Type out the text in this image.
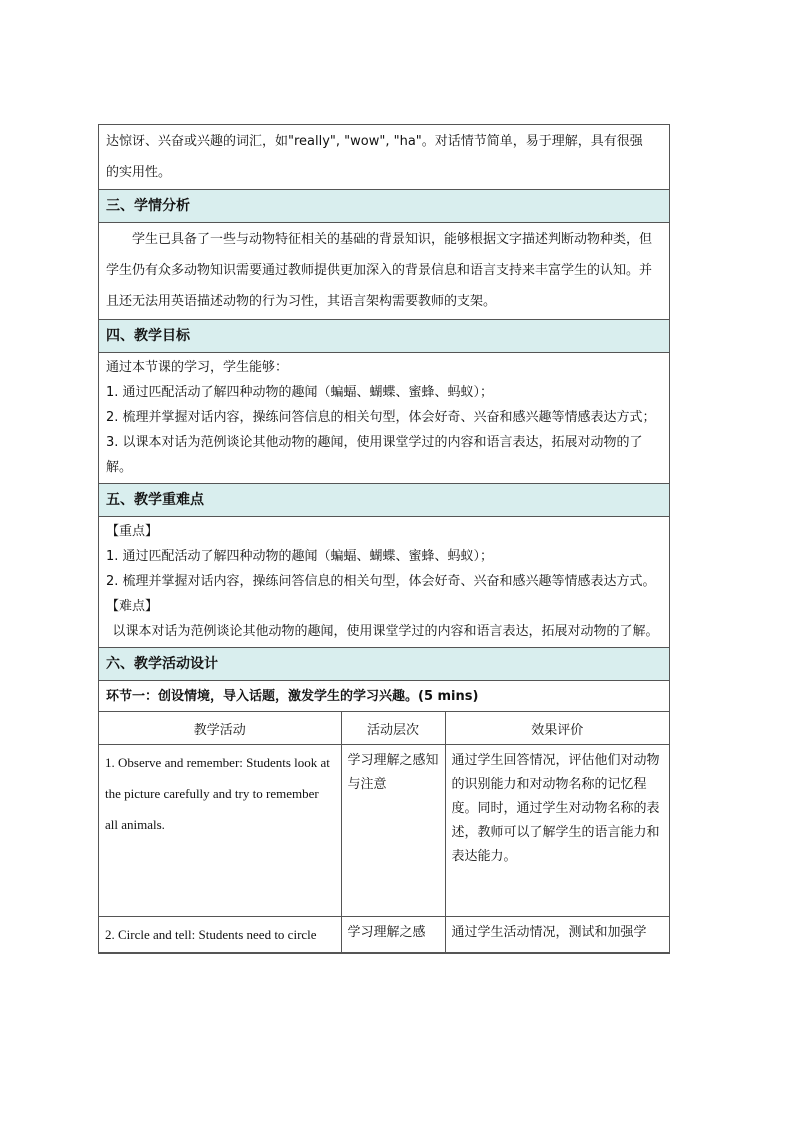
达惊讶、兴奋或兴趣的词汇，如"really", "wow", "ha"。对话情节简单，易于理解，具有很强

的实用性。

三、学情分析

学生已具备了一些与动物特征相关的基础的背景知识，能够根据文字描述判断动物种类，但学生仍有众多动物知识需要通过教师提供更加深入的背景信息和语言支持来丰富学生的认知。并且还无法用英语描述动物的行为习性，其语言架构需要教师的支架。

四、教学目标

通过本节课的学习，学生能够：

1. 通过匹配活动了解四种动物的趣闻（蝙蝠、蝴蝶、蜜蜂、蚂蚁）；

2. 梳理并掌握对话内容，操练问答信息的相关句型，体会好奇、兴奋和感兴趣等情感表达方式；

3. 以课本对话为范例谈论其他动物的趣闻，使用课堂学过的内容和语言表达，拓展对动物的了解。

五、教学重难点

【重点】

1. 通过匹配活动了解四种动物的趣闻（蝙蝠、蝴蝶、蜜蜂、蚂蚁）；

2. 梳理并掌握对话内容，操练问答信息的相关句型，体会好奇、兴奋和感兴趣等情感表达方式。

【难点】

以课本对话为范例谈论其他动物的趣闻，使用课堂学过的内容和语言表达，拓展对动物的了解。

六、教学活动设计
环节一：创设情境，导入话题，激发学生的学习兴趣。(5 mins)
教学活动	活动层次	效果评价
1. Observe and remember: Students look at the picture carefully and try to remember all animals.	学习理解之感知与注意	通过学生回答情况，评估他们对动物的识别能力和对动物名称的记忆程度。同时，通过学生对动物名称的表述，教师可以了解学生的语言能力和表达能力。
2. Circle and tell: Students need to circle	学习理解之感	通过学生活动情况，测试和加强学
